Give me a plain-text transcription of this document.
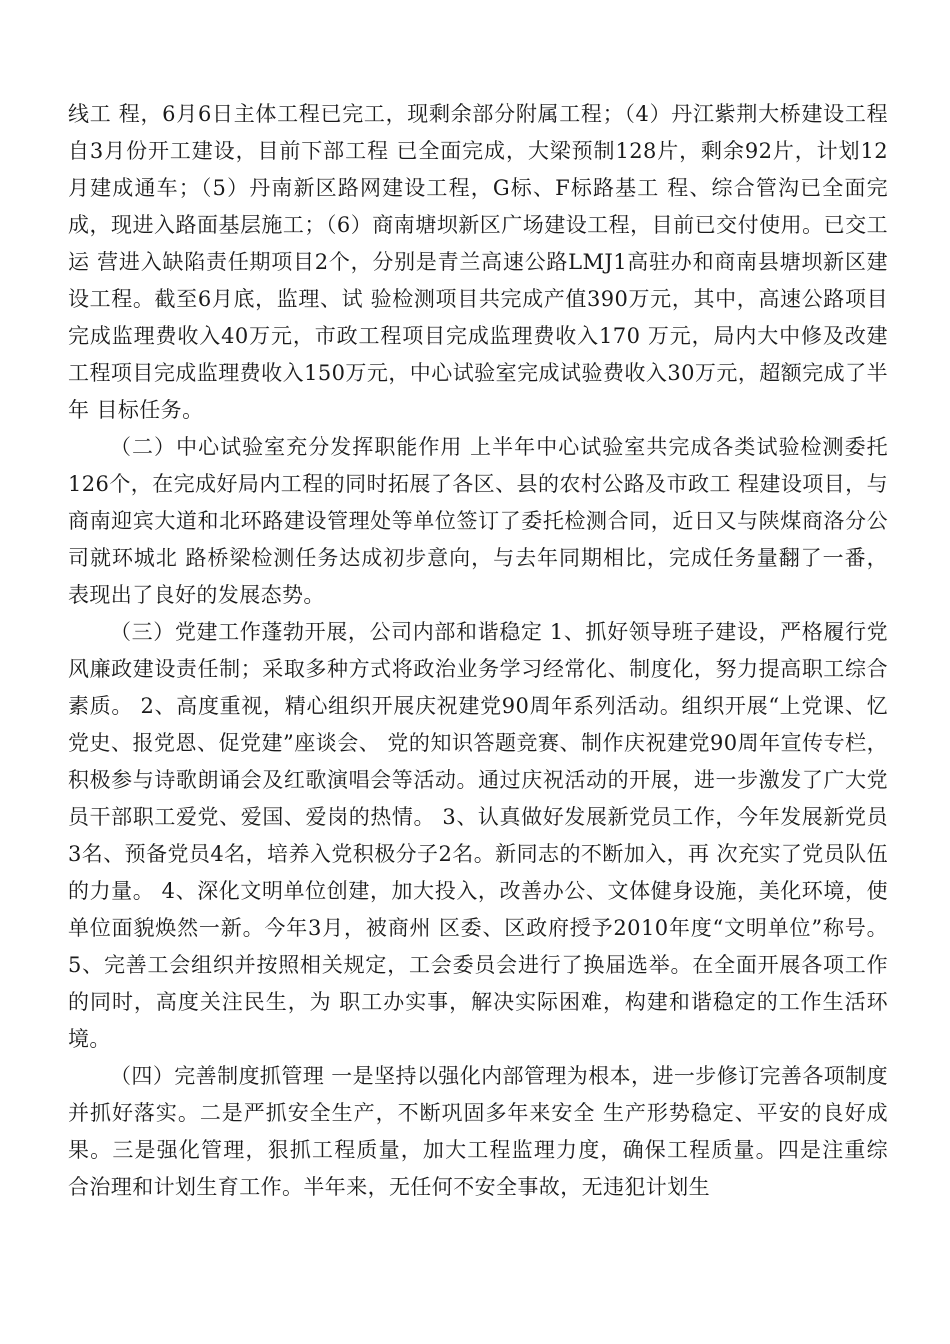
线工 程，6月6日主体工程已完工，现剩余部分附属工程；（4）丹江紫荆大桥建设工程自3月份开工建设，目前下部工程 已全面完成，大梁预制128片，剩余92片，计划12月建成通车；（5）丹南新区路网建设工程，G标、F标路基工 程、综合管沟已全面完成，现进入路面基层施工；（6）商南塘坝新区广场建设工程，目前已交付使用。已交工运 营进入缺陷责任期项目2个，分别是青兰高速公路LMJ1高驻办和商南县塘坝新区建设工程。截至6月底，监理、试 验检测项目共完成产值390万元，其中，高速公路项目完成监理费收入40万元，市政工程项目完成监理费收入170 万元，局内大中修及改建工程项目完成监理费收入150万元，中心试验室完成试验费收入30万元，超额完成了半年 目标任务。

（二）中心试验室充分发挥职能作用 上半年中心试验室共完成各类试验检测委托126个，在完成好局内工程的同时拓展了各区、县的农村公路及市政工 程建设项目，与商南迎宾大道和北环路建设管理处等单位签订了委托检测合同，近日又与陕煤商洛分公司就环城北 路桥梁检测任务达成初步意向，与去年同期相比，完成任务量翻了一番，表现出了良好的发展态势。

（三）党建工作蓬勃开展，公司内部和谐稳定 1、抓好领导班子建设，严格履行党风廉政建设责任制；采取多种方式将政治业务学习经常化、制度化，努力提高职工综合素质。 2、高度重视，精心组织开展庆祝建党90周年系列活动。组织开展“上党课、忆党史、报党恩、促党建”座谈会、 党的知识答题竞赛、制作庆祝建党90周年宣传专栏，积极参与诗歌朗诵会及红歌演唱会等活动。通过庆祝活动的开展，进一步激发了广大党员干部职工爱党、爱国、爱岗的热情。 3、认真做好发展新党员工作，今年发展新党员3名、预备党员4名，培养入党积极分子2名。新同志的不断加入，再 次充实了党员队伍的力量。 4、深化文明单位创建，加大投入，改善办公、文体健身设施，美化环境，使单位面貌焕然一新。今年3月，被商州 区委、区政府授予2010年度“文明单位”称号。 5、完善工会组织并按照相关规定，工会委员会进行了换届选举。在全面开展各项工作的同时，高度关注民生，为 职工办实事，解决实际困难，构建和谐稳定的工作生活环境。

（四）完善制度抓管理 一是坚持以强化内部管理为根本，进一步修订完善各项制度并抓好落实。二是严抓安全生产，不断巩固多年来安全 生产形势稳定、平安的良好成果。三是强化管理，狠抓工程质量，加大工程监理力度，确保工程质量。四是注重综 合治理和计划生育工作。半年来，无任何不安全事故，无违犯计划生
